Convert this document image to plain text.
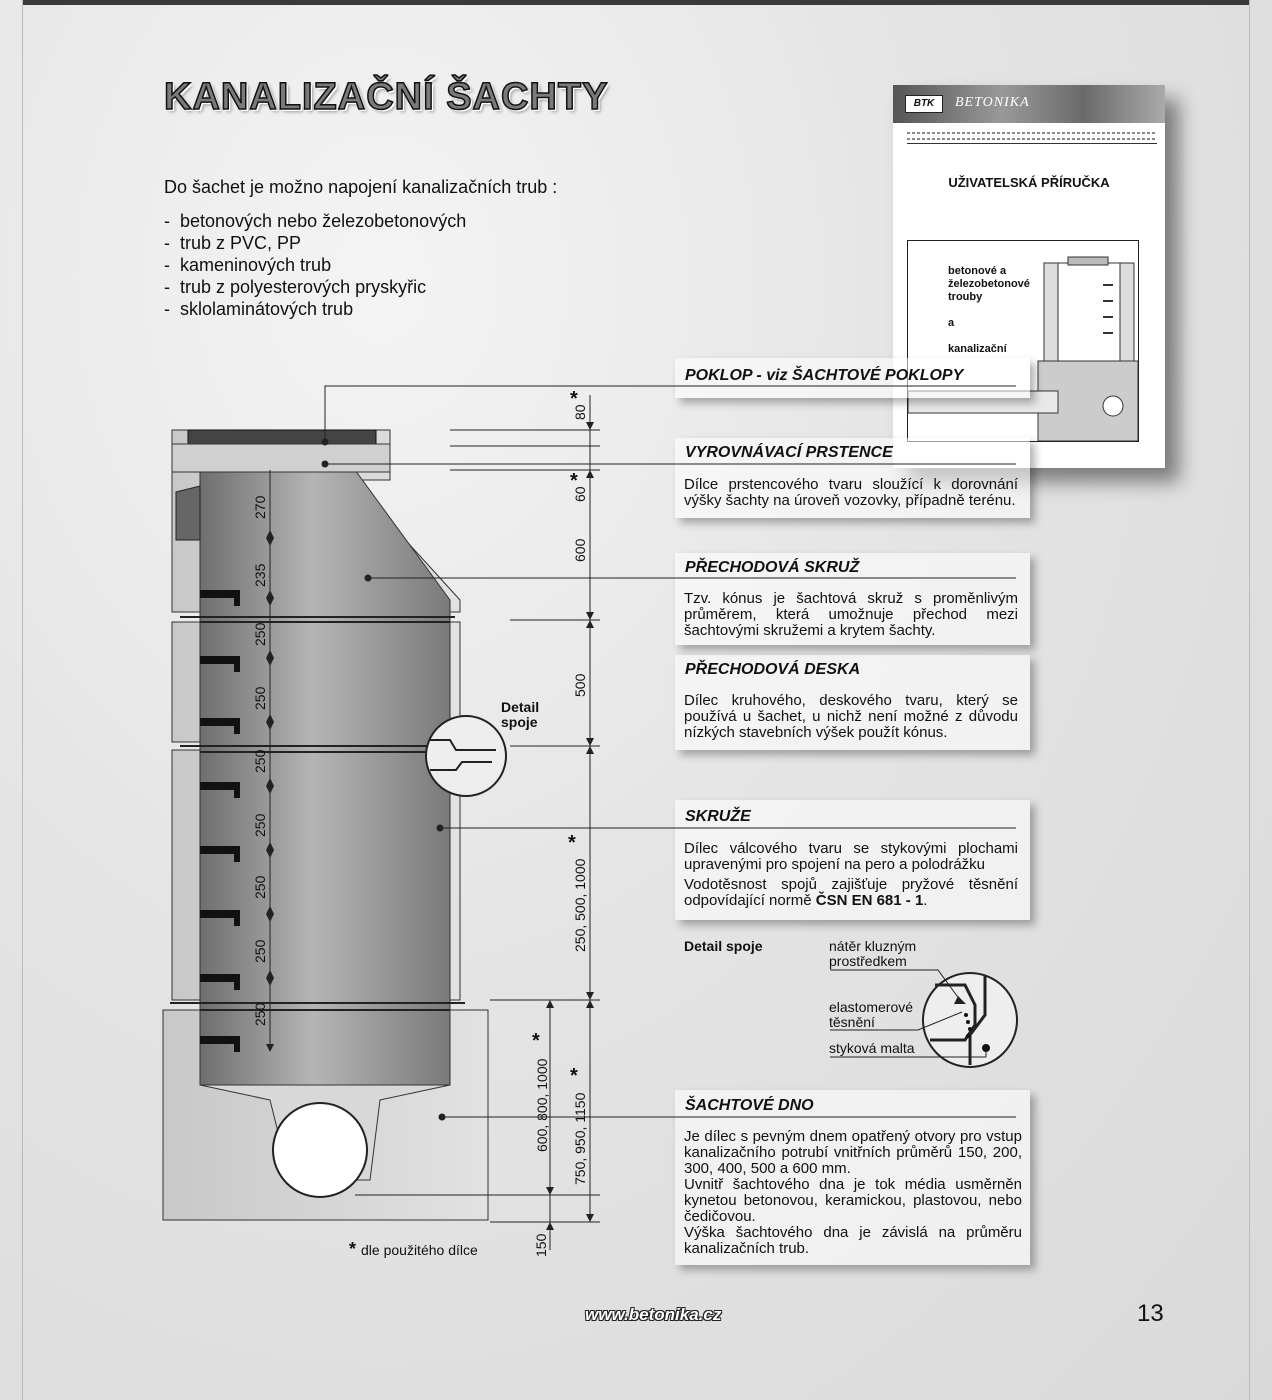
KANALIZAČNÍ ŠACHTY
Do šachet je možno napojení kanalizačních trub :
- betonových nebo železobetonových
- trub z PVC, PP
- kameninových trub
- trub z polyesterových pryskyřic
- sklolaminátových trub
BTK	BETONIKA
UŽIVATELSKÁ PŘÍRUČKA
betonové a
železobetonové
trouby
a
kanalizační
80
*
60
*
600
500
250, 500, 1000
*
600, 800, 1000
*
750, 950, 1150
*
150
270
235
250
250
250
250
250
250
250
Detail spoje
* dle použitého dílce
POKLOP - viz ŠACHTOVÉ POKLOPY
VYROVNÁVACÍ PRSTENCE
Dílce prstencového tvaru sloužící k dorovnání výšky šachty na úroveň vozovky, případně terénu.
PŘECHODOVÁ SKRUŽ
Tzv. kónus je šachtová skruž s proměnlivým průměrem, která umožnuje přechod mezi šachtovými skružemi a krytem šachty.
PŘECHODOVÁ DESKA
Dílec kruhového, deskového tvaru, který se používá u šachet, u nichž není možné z důvodu nízkých stavebních výšek použít kónus.
SKRUŽE

Dílec válcového tvaru se stykovými plochami upravenými pro spojení na pero a polodrážku

Vodotěsnost spojů zajišťuje pryžové těsnění odpovídající normě ČSN EN 681 - 1.

ŠACHTOVÉ DNO

Je dílec s pevným dnem opatřený otvory pro vstup kanalizačního potrubí vnitřních průměrů 150, 200, 300, 400, 500 a 600 mm.

Uvnitř šachtového dna je tok média usměrněn kynetou betonovou, keramickou, plastovou, nebo čedičovou.

Výška šachtového dna je závislá na průměru kanalizačních trub.

Detail spoje	nátěr kluzným
prostředkem
elastomerové
těsnění
styková malta
www.betonika.cz	13
